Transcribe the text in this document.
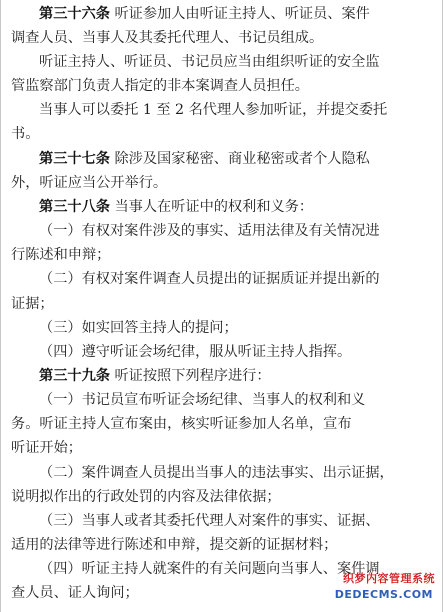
第三十六条 听证参加人由听证主持人、听证员、案件
调查人员、当事人及其委托代理人、书记员组成。
听证主持人、听证员、书记员应当由组织听证的安全监
管监察部门负责人指定的非本案调查人员担任。
当事人可以委托 1 至 2 名代理人参加听证，并提交委托
书。
第三十七条 除涉及国家秘密、商业秘密或者个人隐私
外，听证应当公开举行。
第三十八条 当事人在听证中的权利和义务：
（一）有权对案件涉及的事实、适用法律及有关情况进
行陈述和申辩；
（二）有权对案件调查人员提出的证据质证并提出新的
证据；
（三）如实回答主持人的提问；
（四）遵守听证会场纪律，服从听证主持人指挥。
第三十九条 听证按照下列程序进行：
（一）书记员宣布听证会场纪律、当事人的权利和义
务。听证主持人宣布案由，核实听证参加人名单，宣布
听证开始；
（二）案件调查人员提出当事人的违法事实、出示证据，
说明拟作出的行政处罚的内容及法律依据；
（三）当事人或者其委托代理人对案件的事实、证据、
适用的法律等进行陈述和申辩，提交新的证据材料；
（四）听证主持人就案件的有关问题向当事人、案件调
查人员、证人询问；
织梦内容管理系统
DEDECMS.COM
